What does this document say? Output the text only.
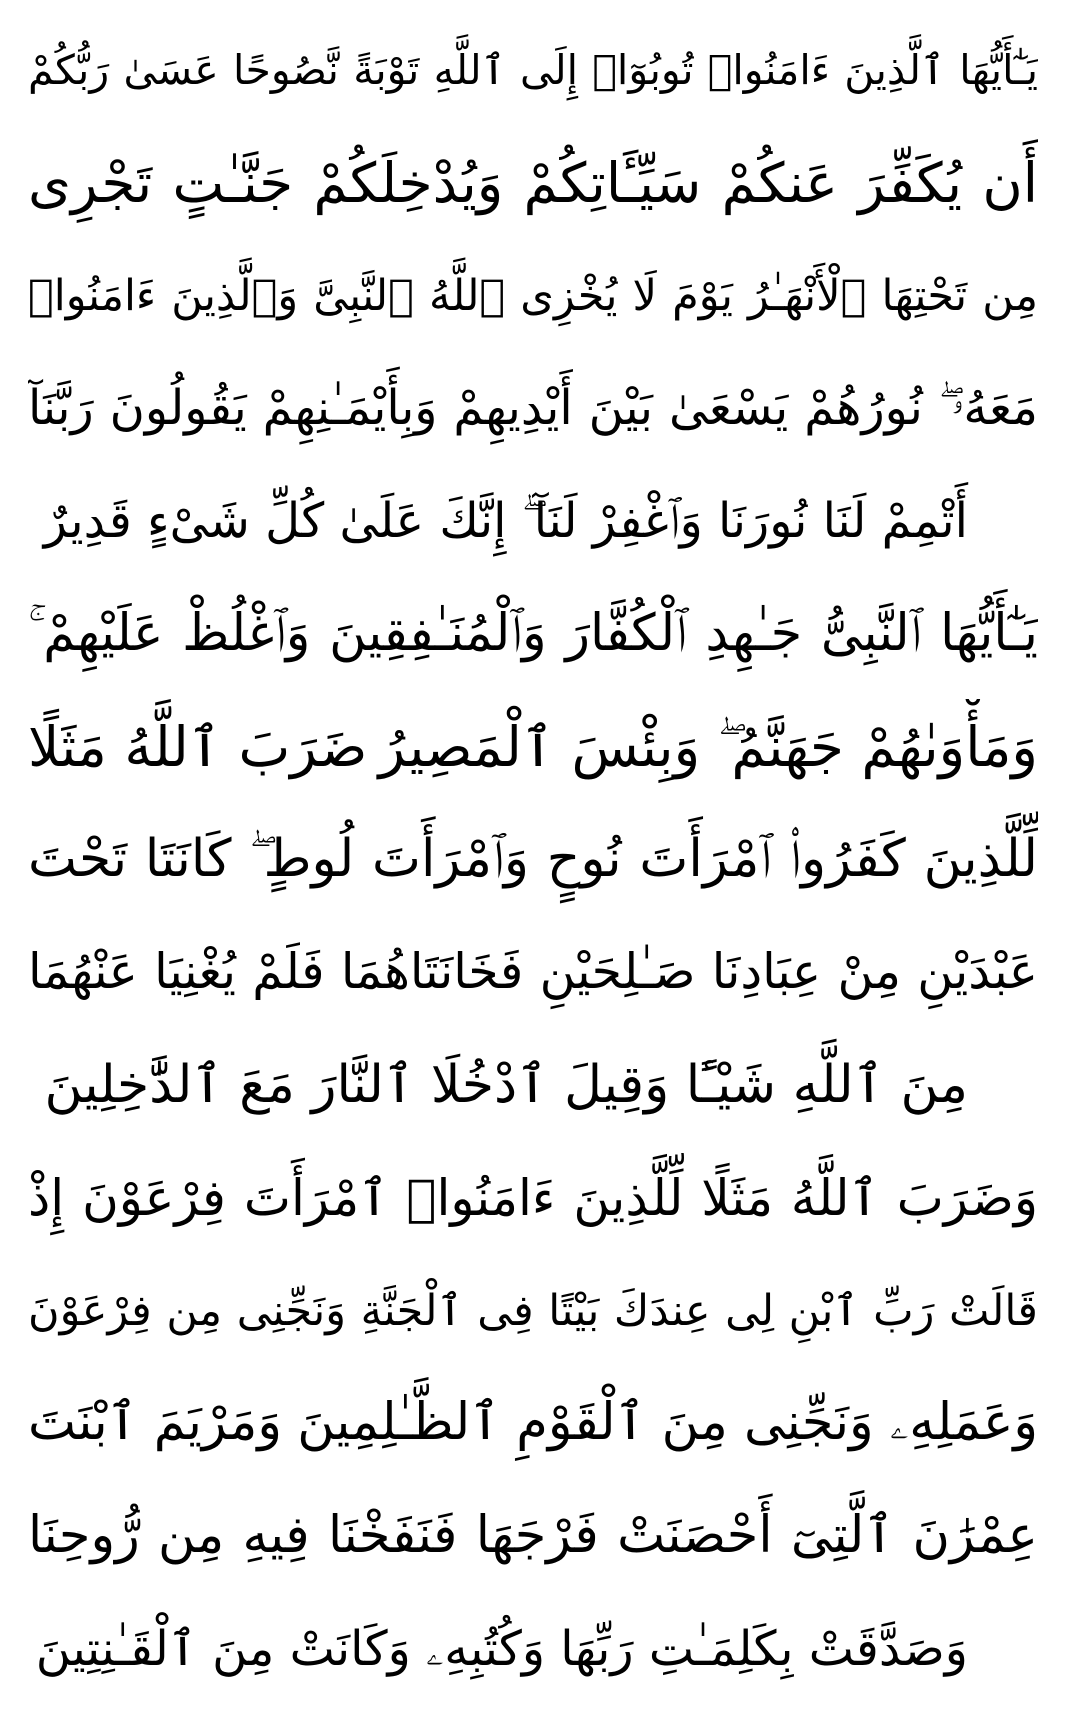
يَـٰٓأَيُّهَا ٱلَّذِينَ ءَامَنُوا۟ تُوبُوٓا۟ إِلَى ٱللَّهِ تَوْبَةً نَّصُوحًا عَسَىٰ رَبُّكُمْ
أَن يُكَفِّرَ عَنكُمْ سَيِّـَٔاتِكُمْ وَيُدْخِلَكُمْ جَنَّـٰتٍ تَجْرِى
مِن تَحْتِهَا ٱلْأَنْهَـٰرُ يَوْمَ لَا يُخْزِى ٱللَّهُ ٱلنَّبِىَّ وَٱلَّذِينَ ءَامَنُوا۟
مَعَهُۥ ۖ نُورُهُمْ يَسْعَىٰ بَيْنَ أَيْدِيهِمْ وَبِأَيْمَـٰنِهِمْ يَقُولُونَ رَبَّنَآ
أَتْمِمْ لَنَا نُورَنَا وَٱغْفِرْ لَنَآ ۖ إِنَّكَ عَلَىٰ كُلِّ شَىْءٍ قَدِيرٌ
يَـٰٓأَيُّهَا ٱلنَّبِىُّ جَـٰهِدِ ٱلْكُفَّارَ وَٱلْمُنَـٰفِقِينَ وَٱغْلُظْ عَلَيْهِمْ ۚ
وَمَأْوَىٰهُمْ جَهَنَّمُ ۖ وَبِئْسَ ٱلْمَصِيرُ
ضَرَبَ ٱللَّهُ مَثَلًا
لِّلَّذِينَ كَفَرُوا۟ ٱمْرَأَتَ نُوحٍ وَٱمْرَأَتَ لُوطٍ ۖ كَانَتَا تَحْتَ
عَبْدَيْنِ مِنْ عِبَادِنَا صَـٰلِحَيْنِ فَخَانَتَاهُمَا فَلَمْ يُغْنِيَا عَنْهُمَا
مِنَ ٱللَّهِ شَيْـًٔا وَقِيلَ ٱدْخُلَا ٱلنَّارَ مَعَ ٱلدَّٰخِلِينَ
وَضَرَبَ ٱللَّهُ مَثَلًا لِّلَّذِينَ ءَامَنُوا۟ ٱمْرَأَتَ فِرْعَوْنَ إِذْ
قَالَتْ رَبِّ ٱبْنِ لِى عِندَكَ بَيْتًا فِى ٱلْجَنَّةِ وَنَجِّنِى مِن فِرْعَوْنَ
وَعَمَلِهِۦ وَنَجِّنِى مِنَ ٱلْقَوْمِ ٱلظَّـٰلِمِينَ
وَمَرْيَمَ ٱبْنَتَ
عِمْرَٰنَ ٱلَّتِىٓ أَحْصَنَتْ فَرْجَهَا فَنَفَخْنَا فِيهِ مِن رُّوحِنَا
وَصَدَّقَتْ بِكَلِمَـٰتِ رَبِّهَا وَكُتُبِهِۦ وَكَانَتْ مِنَ ٱلْقَـٰنِتِينَ
